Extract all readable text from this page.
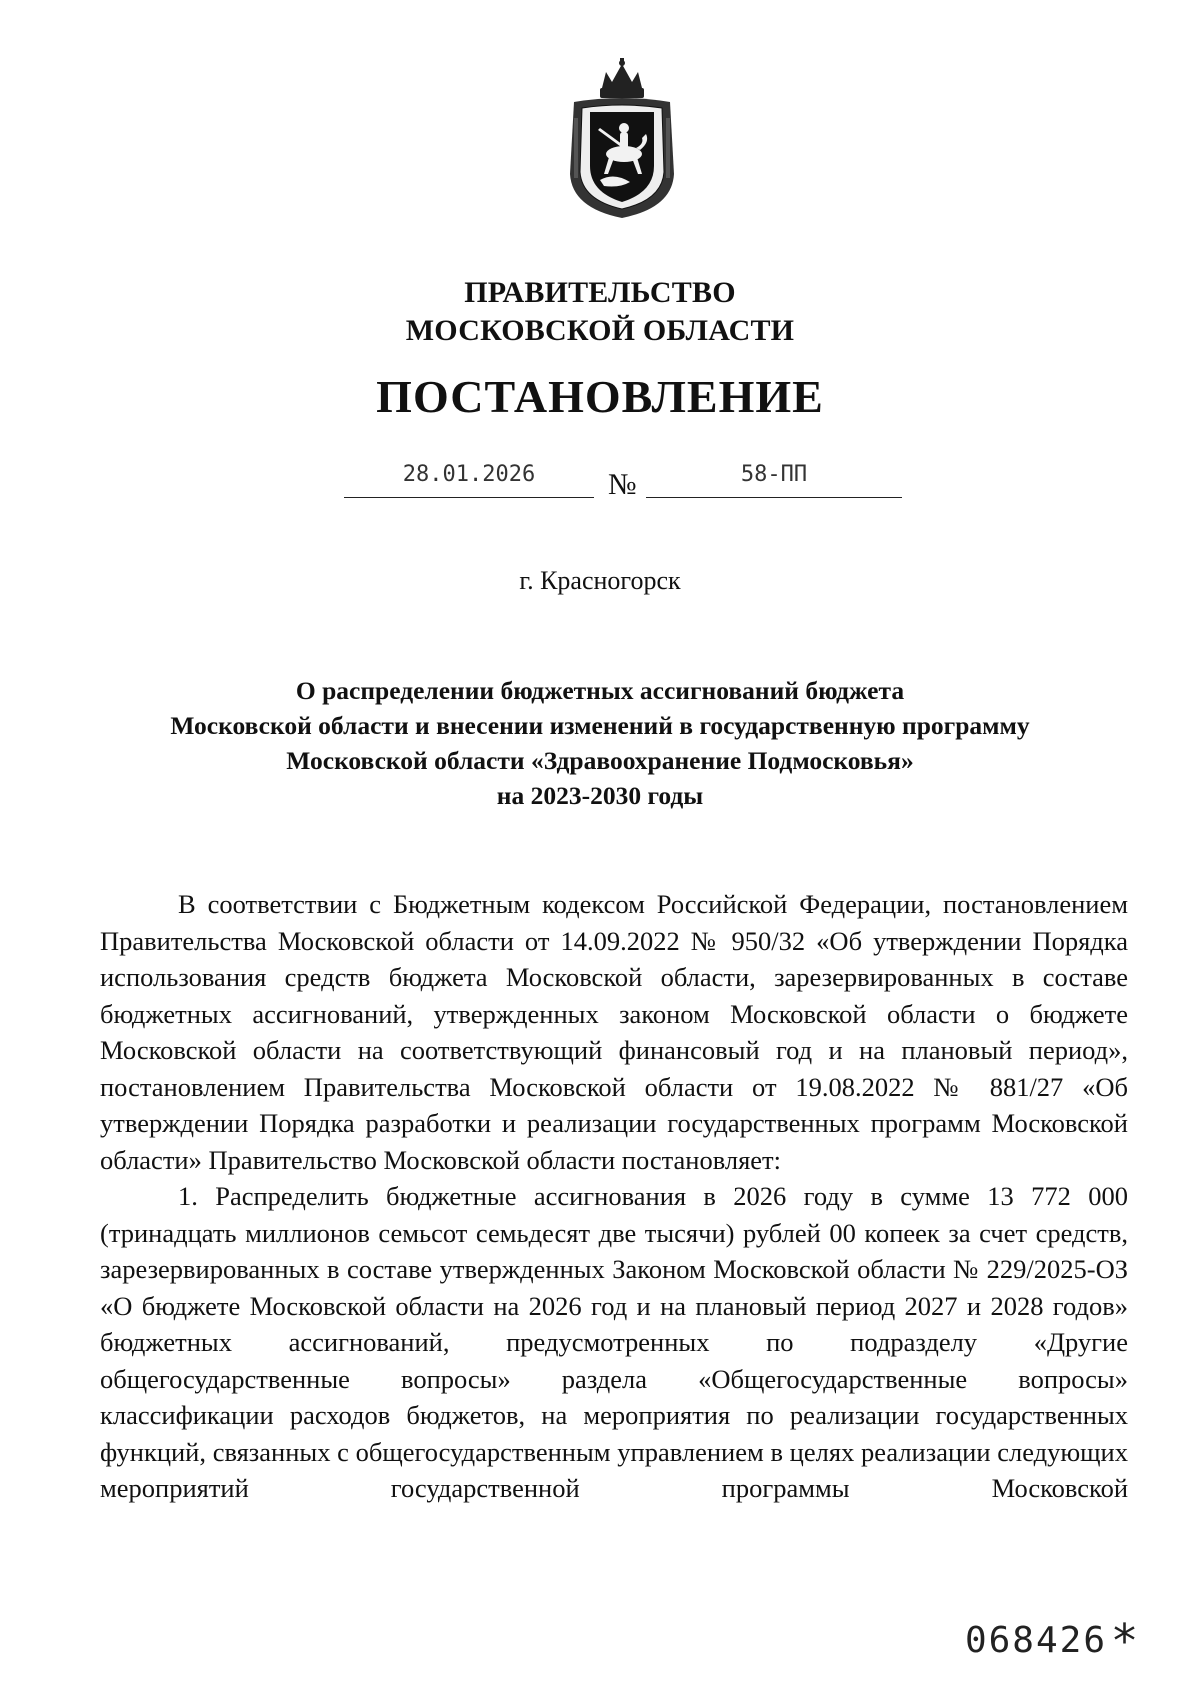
ПРАВИТЕЛЬСТВО
МОСКОВСКОЙ ОБЛАСТИ
ПОСТАНОВЛЕНИЕ
28.01.2026	№	58-ПП
г. Красногорск
О распределении бюджетных ассигнований бюджета
Московской области и внесении изменений в государственную программу
Московской области «Здравоохранение Подмосковья»
на 2023-2030 годы

В соответствии с Бюджетным кодексом Российской Федерации, постановлением Правительства Московской области от 14.09.2022 № 950/32 «Об утверждении Порядка использования средств бюджета Московской области, зарезервированных в составе бюджетных ассигнований, утвержденных законом Московской области о бюджете Московской области на соответствующий финансовый год и на плановый период», постановлением Правительства Московской области от 19.08.2022 № 881/27 «Об утверждении Порядка разработки и реализации государственных программ Московской области» Правительство Московской области постановляет:

1. Распределить бюджетные ассигнования в 2026 году в сумме 13 772 000 (тринадцать миллионов семьсот семьдесят две тысячи) рублей 00 копеек за счет средств, зарезервированных в составе утвержденных Законом Московской области № 229/2025-ОЗ «О бюджете Московской области на 2026 год и на плановый период 2027 и 2028 годов» бюджетных ассигнований, предусмотренных по подразделу «Другие общегосударственные вопросы» раздела «Общегосударственные вопросы» классификации расходов бюджетов, на мероприятия по реализации государственных функций, связанных с общегосударственным управлением в целях реализации следующих мероприятий государственной программы Московской

068426 *
